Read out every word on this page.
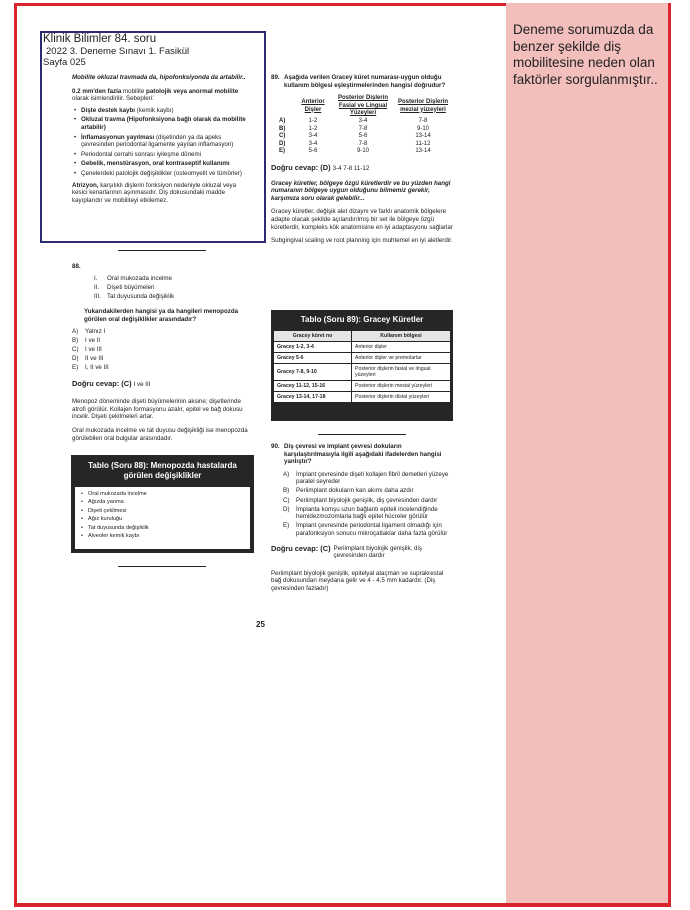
Deneme sorumuzda da benzer şekilde diş mobilitesine neden olan faktörler sorgulanmıştır..
Klinik Bilimler 84. soru
2022 3. Deneme Sınavı 1. Fasikül
Sayfa 025
Mobilite okluzal travmada da, hipofonksiyonda da artabilir..
0.2 mm'den fazla mobilite patolojik veya anormal mobilite olarak isimlendirilir. Sebepleri:
• Dişte destek kaybı (kemik kaybı)
• Okluzal travma (Hipofonksiyona bağlı olarak da mobilite artabilir)
• İnflamasyonun yayılması (dişetinden ya da apeks çevresinden periodontal ligamente yayılan inflamasyon)
• Periodontal cerrahi sonrası iyileşme dönemi
• Gebelik, menstürasyon, oral kontraseptif kullanımı
• Çenelerdeki patolojik değişiklikler (osteomyelit ve tümörler)
Atrizyon, karşılıklı dişlerin fonksiyon nedeniyle okluzal veya kesici kenarlarının aşınmasıdır. Diş dokusundaki madde kayıplarıdır ve mobiliteyi etkilemez.
88.
I.	Oral mukozada incelme
II.	Dişeti büyümeleri
III. Tat duyusunda değişiklik
Yukarıdakilerden hangisi ya da hangileri menopozda görülen oral değişiklikler arasındadır?
A)	Yalnız I
B)	I ve II
C)	I ve III
D)	II ve III
E)	I, II ve III
Doğru cevap: (C) I ve III
Menopoz döneminde dişeti büyümelerinin aksine; dişetlerinde atrofi görülür. Kollajen formasyonu azalır, epitel ve bağ dokusu incelir. Dişeti çekilmeleri artar.
Oral mukozada incelme ve tat duyusu değişikliği ise menopozda görülebilen oral bulgular arasındadır.
Tablo (Soru 88): Menopozda hastalarda görülen değişiklikler
• Oral mukozada incelme
• Ağızda yanma
• Dişeti çekilmesi
• Ağız kuruluğu
• Tat duyusunda değişiklik
• Alveoler kemik kaybı
89. Aşağıda verilen Gracey küret numarası-uygun olduğu kullanım bölgesi eşleştirmelerinden hangisi doğrudur?
	Anterior Dişler	Posterior Dişlerin Fasial ve Lingual Yüzeyleri	Posterior Dişlerin mezial yüzeyleri
A)	1-2	3-4	7-8
B)	1-2	7-8	9-10
C)	3-4	5-6	13-14
D)	3-4	7-8	11-12
E)	5-6	9-10	13-14
Doğru cevap: (D) 3-4 7-8 11-12
Gracey küretler, bölgeye özgü küretlerdir ve bu yüzden hangi numaranın bölgeye uygun olduğunu bilmemiz gerekir, karşımıza soru olarak gelebilir...
Gracey küretler, değişik alet dizaynı ve farklı anatomik bölgelere adapte olacak şekilde açılandırılmış bir set ile bölgeye özgü küretlerdir, kompleks kök anatomisine en iyi adaptasyonu sağlarlar
Subgingival scaling ve root planning için muhtemel en iyi aletlerdir.
Tablo (Soru 89): Gracey Küretler
Gracey küret no	Kullanım bölgesi
Gracey 1-2, 3-4	Anterior dişler
Gracey 5-6	Anterior dişler ve premolarlar
Gracey 7-8, 9-10	Posterior dişlerin fasial ve lingual yüzeyleri
Gracey 11-12, 15-16	Posterior dişlerin mesial yüzeyleri
Gracey 13-14, 17-18	Posterior dişlerin distal yüzeyleri
90. Diş çevresi ve implant çevresi dokuların karşılaştırılmasıyla ilgili aşağıdaki ifadelerden hangisi yanlıştır?
A)	İmplant çevresinde dişeti kollajen fibril demetleri yüzeye paralel seyreder
B)	Periimplant dokuların kan akımı daha azdır
C)	Periimplant biyolojik genişlik, diş çevresinden dardır
D)	İmplanta komşu uzun bağlantı epiteli incelendiğinde hemidezmozomlarla bağlı epitel hücreler görülür
E)	İmplant çevresinde periodontal ligament olmadığı için parafonksiyon sonucu mikroçatlaklar daha fazla görülür
Doğru cevap: (C) Periimplant biyolojik genişlik, diş çevresinden dardır
Periimplant biyolojik genişlik, epitelyal ataçman ve suprakrestal bağ dokusundan meydana gelir ve 4 - 4,5 mm kadardır. (Diş çevresinden fazladır)
25
